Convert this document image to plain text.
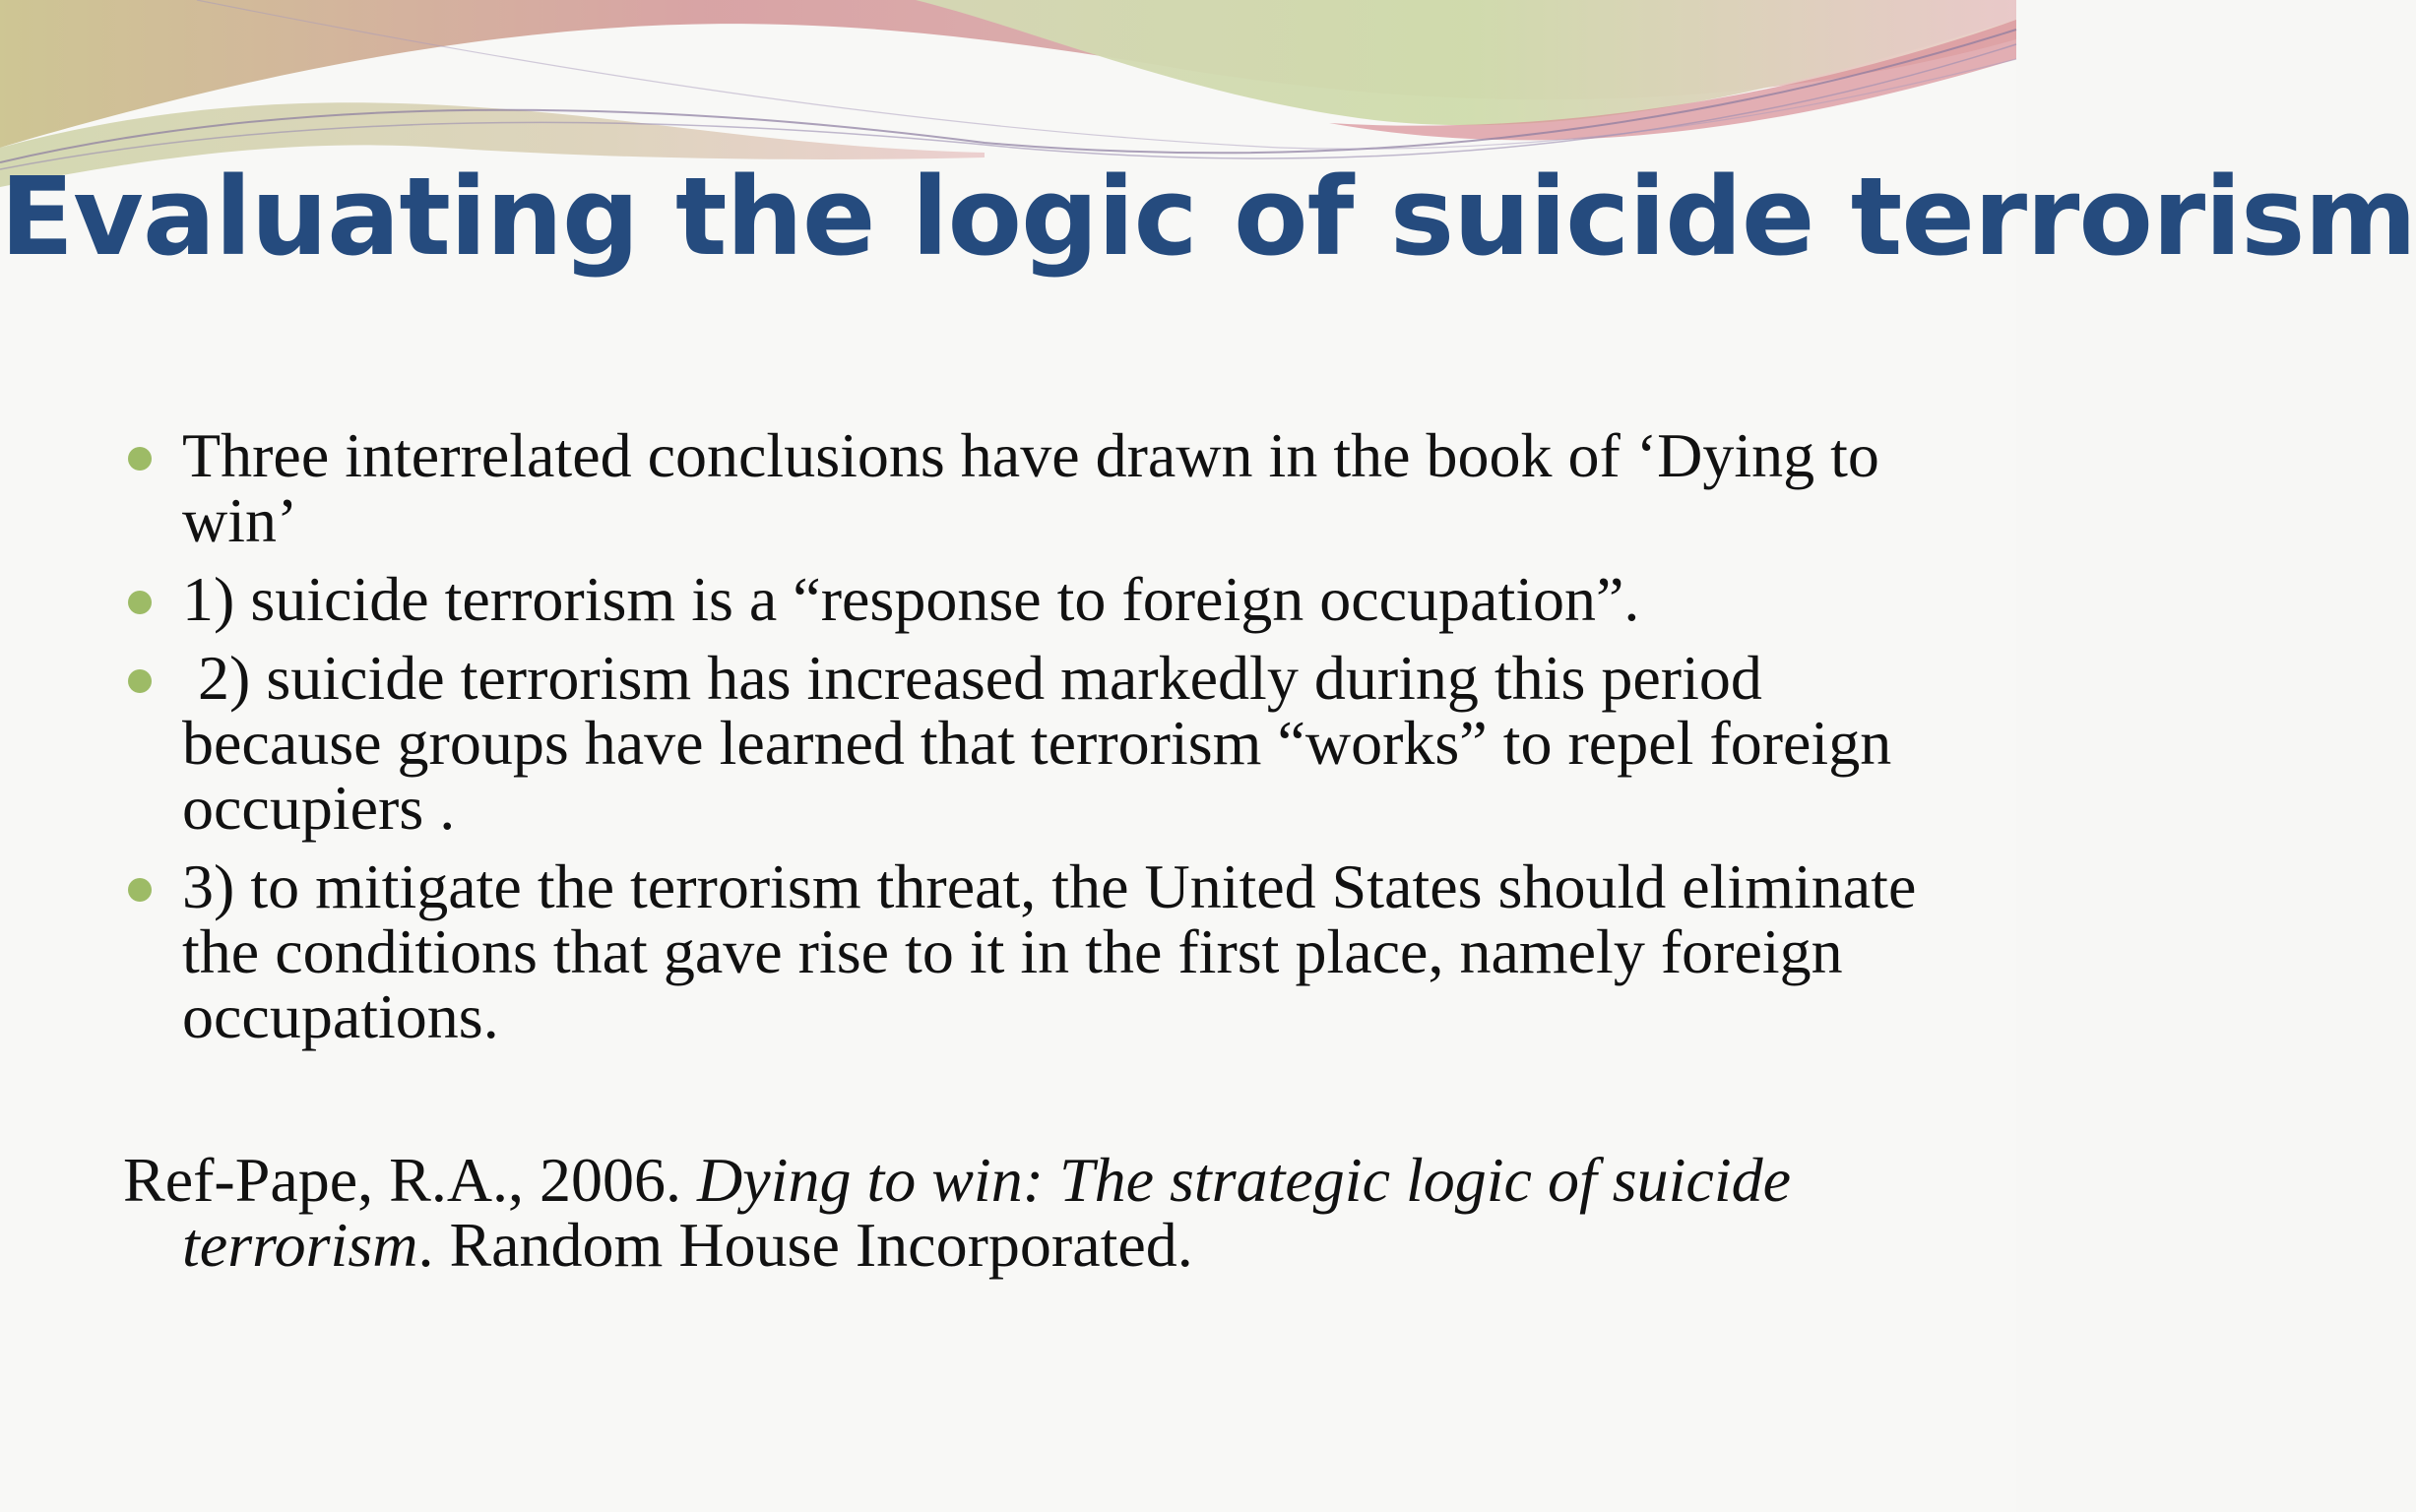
Evaluating the logic of suicide terrorism
Three interrelated conclusions have drawn in the book of ‘Dying to win’
1) suicide terrorism is a “response to foreign occupation”.
2) suicide terrorism has increased markedly during this period because groups have learned that terrorism “works” to repel foreign occupiers .
3) to mitigate the terrorism threat, the United States should eliminate the conditions that gave rise to it in the first place, namely foreign occupations.

Ref-Pape, R.A., 2006. Dying to win: The strategic logic of suicide terrorism. Random House Incorporated.
